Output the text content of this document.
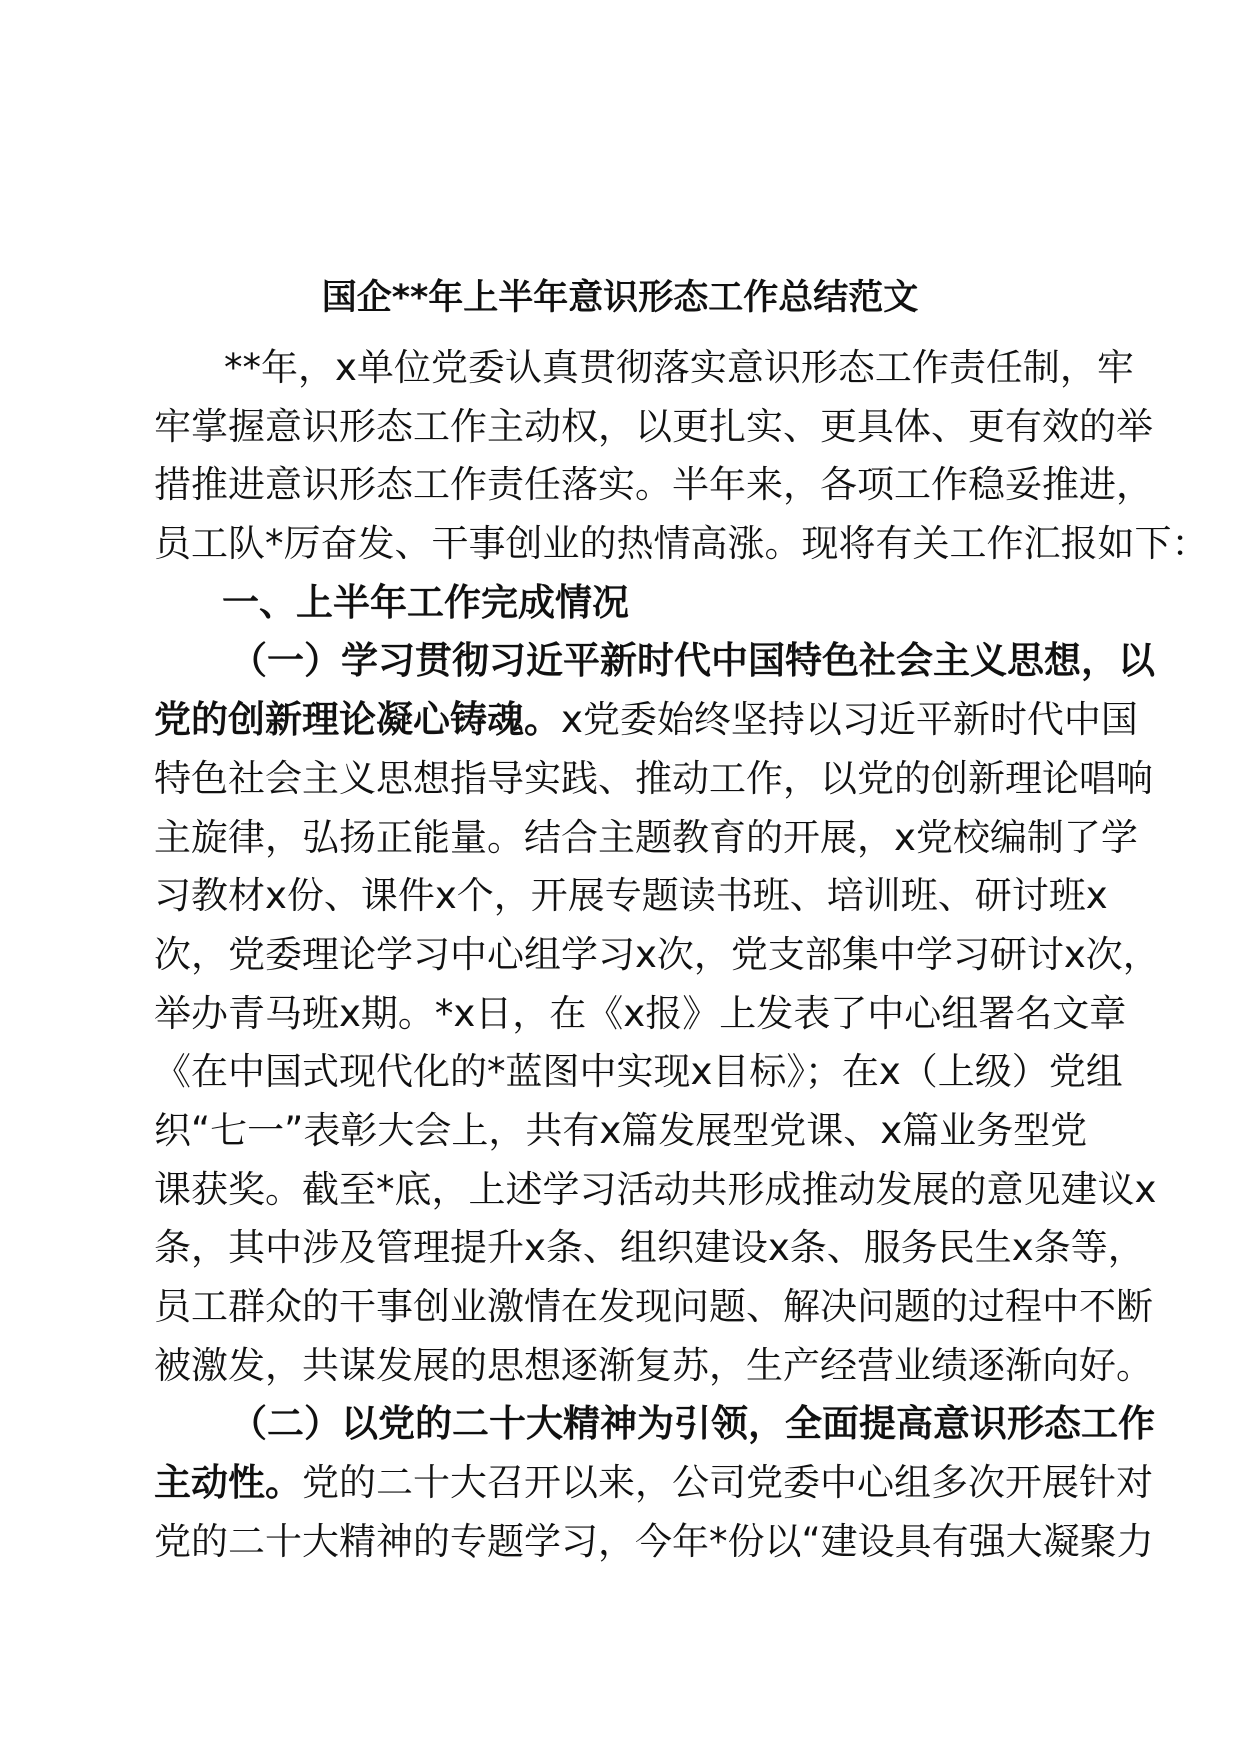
国企**年上半年意识形态工作总结范文
**年，x单位党委认真贯彻落实意识形态工作责任制，牢
牢掌握意识形态工作主动权，以更扎实、更具体、更有效的举
措推进意识形态工作责任落实。半年来，各项工作稳妥推进，
员工队*厉奋发、干事创业的热情高涨。现将有关工作汇报如下：
一、上半年工作完成情况
（一）学习贯彻习近平新时代中国特色社会主义思想，以
党的创新理论凝心铸魂。x党委始终坚持以习近平新时代中国
特色社会主义思想指导实践、推动工作，以党的创新理论唱响
主旋律，弘扬正能量。结合主题教育的开展，x党校编制了学
习教材x份、课件x个，开展专题读书班、培训班、研讨班x
次，党委理论学习中心组学习x次，党支部集中学习研讨x次，
举办青马班x期。*x日，在《x报》上发表了中心组署名文章
《在中国式现代化的*蓝图中实现x目标》；在x（上级）党组
织“七一”表彰大会上，共有x篇发展型党课、x篇业务型党
课获奖。截至*底，上述学习活动共形成推动发展的意见建议x
条，其中涉及管理提升x条、组织建设x条、服务民生x条等，
员工群众的干事创业激情在发现问题、解决问题的过程中不断
被激发，共谋发展的思想逐渐复苏，生产经营业绩逐渐向好。
（二）以党的二十大精神为引领，全面提高意识形态工作
主动性。党的二十大召开以来，公司党委中心组多次开展针对
党的二十大精神的专题学习，今年*份以“建设具有强大凝聚力
